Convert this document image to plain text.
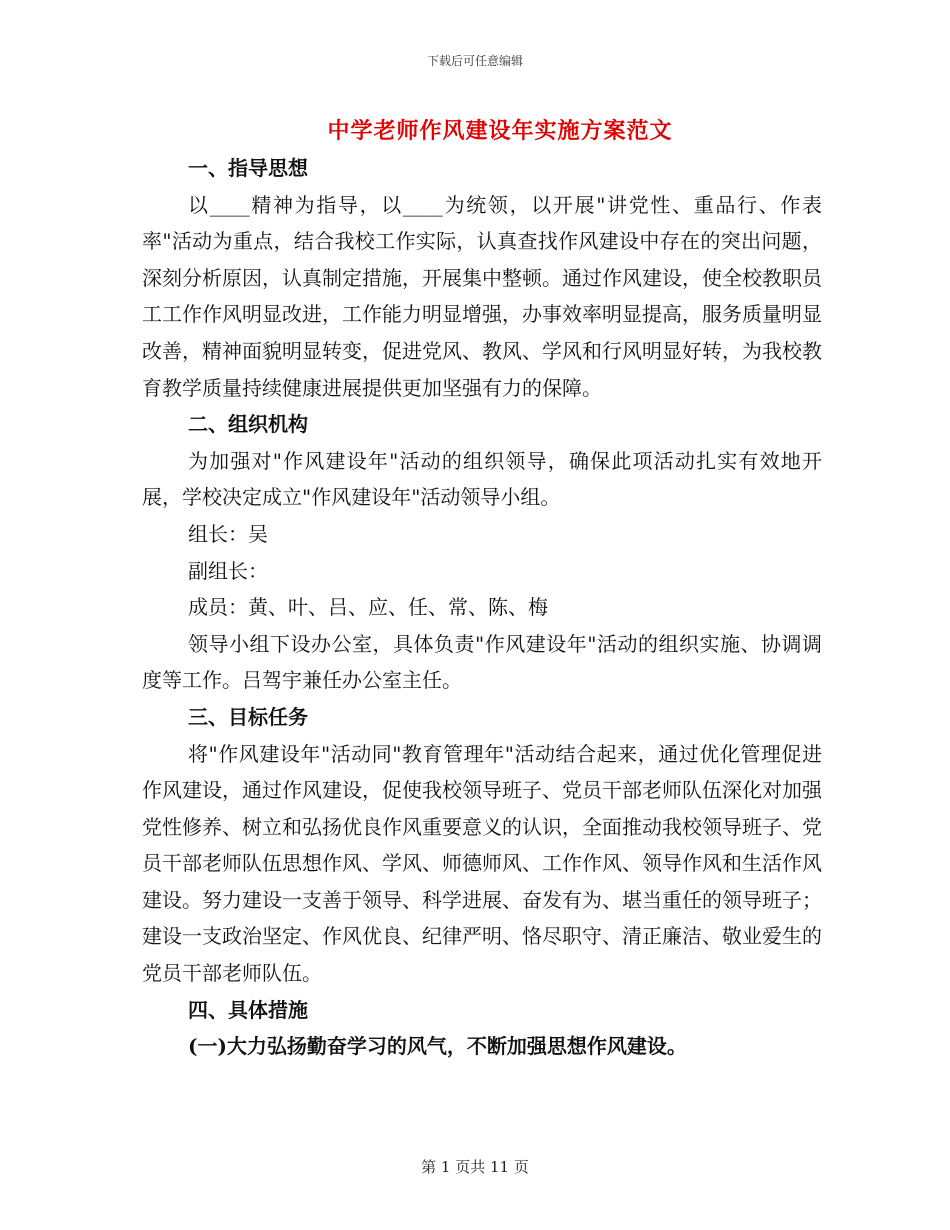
下载后可任意编辑
中学老师作风建设年实施方案范文

一、指导思想

以____精神为指导，以____为统领，以开展"讲党性、重品行、作表率"活动为重点，结合我校工作实际，认真查找作风建设中存在的突出问题，深刻分析原因，认真制定措施，开展集中整顿。通过作风建设，使全校教职员工工作作风明显改进，工作能力明显增强，办事效率明显提高，服务质量明显改善，精神面貌明显转变，促进党风、教风、学风和行风明显好转，为我校教育教学质量持续健康进展提供更加坚强有力的保障。

二、组织机构

为加强对"作风建设年"活动的组织领导，确保此项活动扎实有效地开展，学校决定成立"作风建设年"活动领导小组。

组长：吴

副组长：

成员：黄、叶、吕、应、任、常、陈、梅

领导小组下设办公室，具体负责"作风建设年"活动的组织实施、协调调度等工作。吕驾宇兼任办公室主任。

三、目标任务

将"作风建设年"活动同"教育管理年"活动结合起来，通过优化管理促进作风建设，通过作风建设，促使我校领导班子、党员干部老师队伍深化对加强党性修养、树立和弘扬优良作风重要意义的认识，全面推动我校领导班子、党员干部老师队伍思想作风、学风、师德师风、工作作风、领导作风和生活作风建设。努力建设一支善于领导、科学进展、奋发有为、堪当重任的领导班子；建设一支政治坚定、作风优良、纪律严明、恪尽职守、清正廉洁、敬业爱生的党员干部老师队伍。

四、具体措施

(一)大力弘扬勤奋学习的风气，不断加强思想作风建设。

第 1 页共 11 页
